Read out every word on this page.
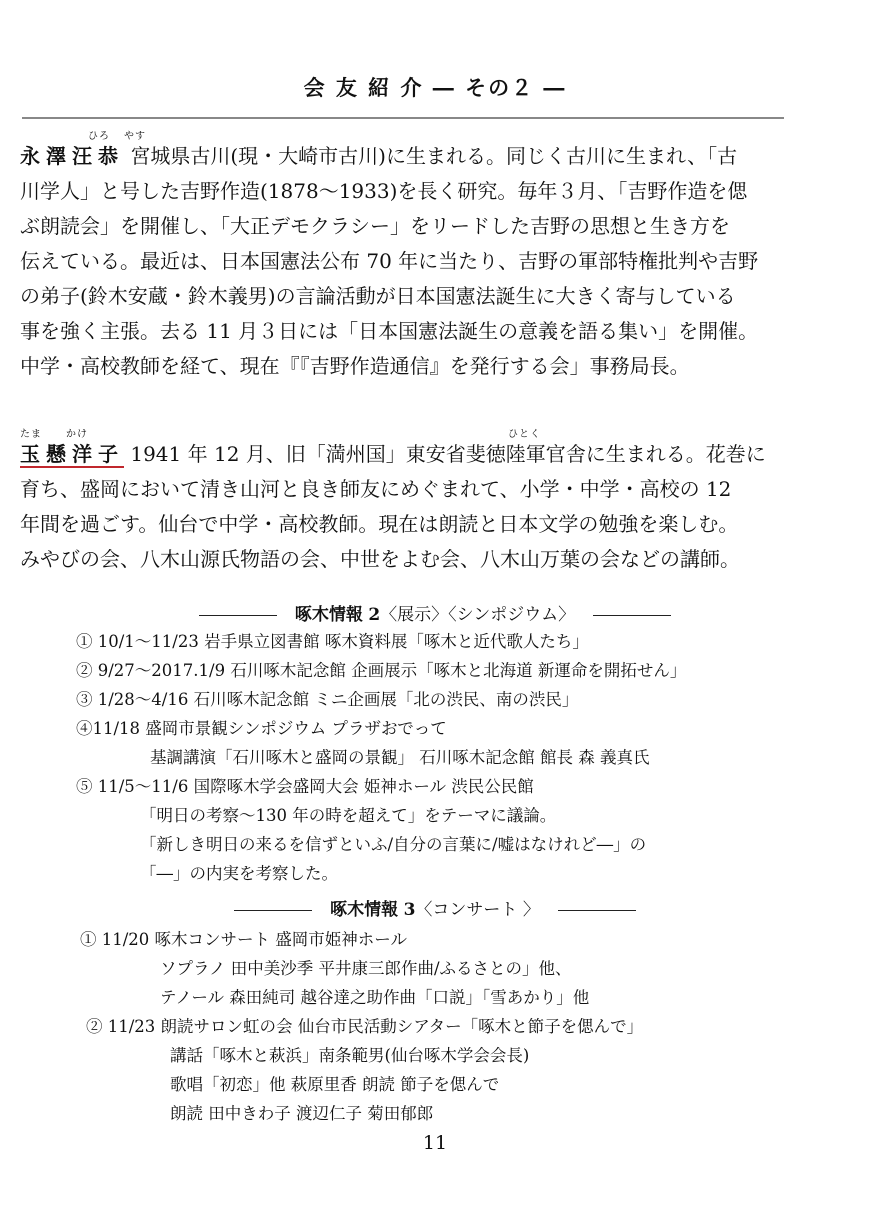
会 友 紹 介 ― その２ ―
ひろ やす
永澤汪恭 宮城県古川(現・大崎市古川)に生まれる。同じく古川に生まれ、「古
川学人」と号した吉野作造(1878～1933)を長く研究。毎年３月、「吉野作造を偲
ぶ朗読会」を開催し、「大正デモクラシー」をリードした吉野の思想と生き方を
伝えている。最近は、日本国憲法公布 70 年に当たり、吉野の軍部特権批判や吉野
の弟子(鈴木安蔵・鈴木義男)の言論活動が日本国憲法誕生に大きく寄与している
事を強く主張。去る 11 月３日には「日本国憲法誕生の意義を語る集い」を開催。
中学・高校教師を経て、現在『『吉野作造通信』を発行する会」事務局長。
たま かけ	ひとく
玉懸洋子 1941 年 12 月、旧「満州国」東安省斐徳陸軍官舎に生まれる。花巻に
育ち、盛岡において清き山河と良き師友にめぐまれて、小学・中学・高校の 12
年間を過ごす。仙台で中学・高校教師。現在は朗読と日本文学の勉強を楽しむ。
みやびの会、八木山源氏物語の会、中世をよむ会、八木山万葉の会などの講師。
啄木情報 2〈展示〉〈シンポジウム〉
① 10/1～11/23 岩手県立図書館 啄木資料展「啄木と近代歌人たち」
② 9/27～2017.1/9 石川啄木記念館 企画展示「啄木と北海道 新運命を開拓せん」
③ 1/28～4/16 石川啄木記念館 ミニ企画展「北の渋民、南の渋民」
④11/18 盛岡市景観シンポジウム プラザおでって
基調講演「石川啄木と盛岡の景観」 石川啄木記念館 館長 森 義真氏
⑤ 11/5～11/6 国際啄木学会盛岡大会 姫神ホール 渋民公民館
「明日の考察～130 年の時を超えて」をテーマに議論。
「新しき明日の来るを信ずといふ/自分の言葉に/嘘はなけれど―」の
「―」の内実を考察した。
啄木情報 3〈コンサート 〉
① 11/20 啄木コンサート 盛岡市姫神ホール
ソプラノ 田中美沙季 平井康三郎作曲/ふるさとの」他、
テノール 森田純司 越谷達之助作曲「口説」「雪あかり」他
② 11/23 朗読サロン虹の会 仙台市民活動シアター「啄木と節子を偲んで」
講話「啄木と萩浜」南条範男(仙台啄木学会会長)
歌唱「初恋」他 萩原里香 朗読 節子を偲んで
朗読 田中きわ子 渡辺仁子 菊田郁郎
11
